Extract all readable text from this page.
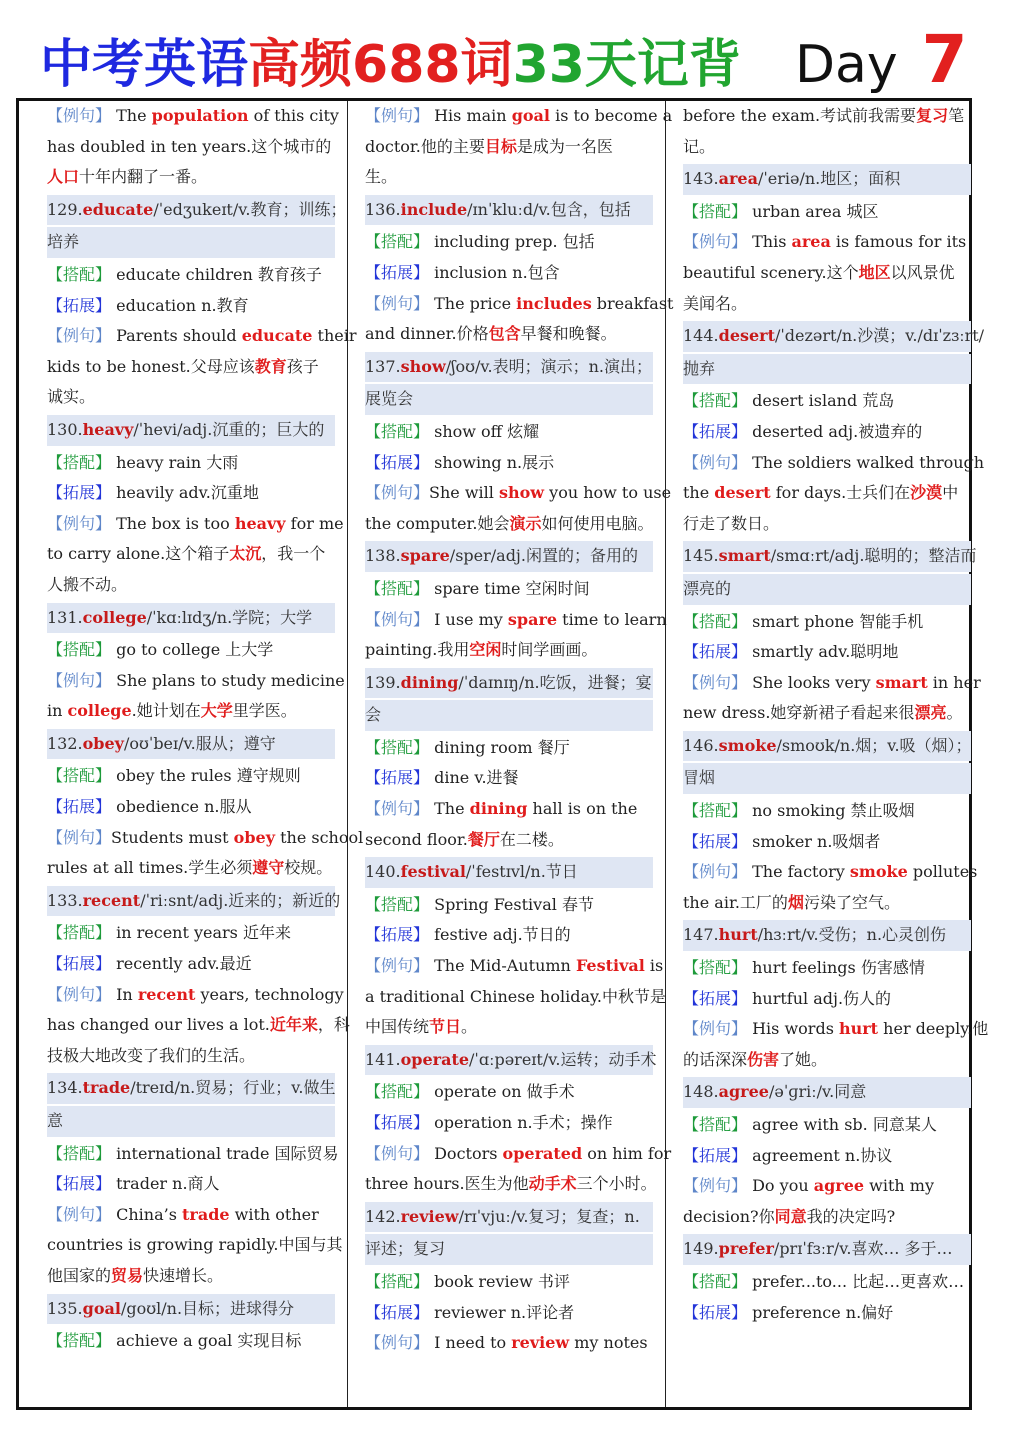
中考英语高频688词33天记背 Day 7
【例句】 The population of this city
has doubled in ten years.这个城市的
人口十年内翻了一番。
129.educate/ˈedʒukeɪt/v.教育；训练；
培养
【搭配】 educate children 教育孩子
【拓展】 education n.教育
【例句】 Parents should educate their
kids to be honest.父母应该教育孩子
诚实。
130.heavy/ˈhevi/adj.沉重的；巨大的
【搭配】 heavy rain 大雨
【拓展】 heavily adv.沉重地
【例句】 The box is too heavy for me
to carry alone.这个箱子太沉，我一个
人搬不动。
131.college/ˈkɑːlɪdʒ/n.学院；大学
【搭配】 go to college 上大学
【例句】 She plans to study medicine
in college.她计划在大学里学医。
132.obey/oʊˈbeɪ/v.服从；遵守
【搭配】 obey the rules 遵守规则
【拓展】 obedience n.服从
【例句】Students must obey the school
rules at all times.学生必须遵守校规。
133.recent/ˈriːsnt/adj.近来的；新近的
【搭配】 in recent years 近年来
【拓展】 recently adv.最近
【例句】 In recent years, technology
has changed our lives a lot.近年来，科
技极大地改变了我们的生活。
134.trade/treɪd/n.贸易；行业；v.做生
意
【搭配】 international trade 国际贸易
【拓展】 trader n.商人
【例句】 China’s trade with other
countries is growing rapidly.中国与其
他国家的贸易快速增长。
135.goal/goʊl/n.目标；进球得分
【搭配】 achieve a goal 实现目标
【例句】 His main goal is to become a
doctor.他的主要目标是成为一名医
生。
136.include/ɪnˈkluːd/v.包含，包括
【搭配】 including prep. 包括
【拓展】 inclusion n.包含
【例句】 The price includes breakfast
and dinner.价格包含早餐和晚餐。
137.show/ʃoʊ/v.表明；演示；n.演出；
展览会
【搭配】 show off 炫耀
【拓展】 showing n.展示
【例句】She will show you how to use
the computer.她会演示如何使用电脑。
138.spare/sper/adj.闲置的；备用的
【搭配】 spare time 空闲时间
【例句】 I use my spare time to learn
painting.我用空闲时间学画画。
139.dining/ˈdaɪnɪŋ/n.吃饭，进餐；宴
会
【搭配】 dining room 餐厅
【拓展】 dine v.进餐
【例句】 The dining hall is on the
second floor.餐厅在二楼。
140.festival/ˈfestɪvl/n.节日
【搭配】 Spring Festival 春节
【拓展】 festive adj.节日的
【例句】 The Mid-Autumn Festival is
a traditional Chinese holiday.中秋节是
中国传统节日。
141.operate/ˈɑːpəreɪt/v.运转；动手术
【搭配】 operate on 做手术
【拓展】 operation n.手术；操作
【例句】 Doctors operated on him for
three hours.医生为他动手术三个小时。
142.review/rɪˈvjuː/v.复习；复查；n.
评述；复习
【搭配】 book review 书评
【拓展】 reviewer n.评论者
【例句】 I need to review my notes
before the exam.考试前我需要复习笔
记。
143.area/ˈeriə/n.地区；面积
【搭配】 urban area 城区
【例句】 This area is famous for its
beautiful scenery.这个地区以风景优
美闻名。
144.desert/ˈdezərt/n.沙漠；v./dɪˈzɜːrt/
抛弃
【搭配】 desert island 荒岛
【拓展】 deserted adj.被遗弃的
【例句】 The soldiers walked through
the desert for days.士兵们在沙漠中
行走了数日。
145.smart/smɑːrt/adj.聪明的；整洁而
漂亮的
【搭配】 smart phone 智能手机
【拓展】 smartly adv.聪明地
【例句】 She looks very smart in her
new dress.她穿新裙子看起来很漂亮。
146.smoke/smoʊk/n.烟；v.吸（烟）；
冒烟
【搭配】 no smoking 禁止吸烟
【拓展】 smoker n.吸烟者
【例句】 The factory smoke pollutes
the air.工厂的烟污染了空气。
147.hurt/hɜːrt/v.受伤；n.心灵创伤
【搭配】 hurt feelings 伤害感情
【拓展】 hurtful adj.伤人的
【例句】 His words hurt her deeply.他
的话深深伤害了她。
148.agree/əˈɡriː/v.同意
【搭配】 agree with sb. 同意某人
【拓展】 agreement n.协议
【例句】 Do you agree with my
decision?你同意我的决定吗?
149.prefer/prɪˈfɜːr/v.喜欢… 多于…
【搭配】 prefer...to... 比起…更喜欢…
【拓展】 preference n.偏好
